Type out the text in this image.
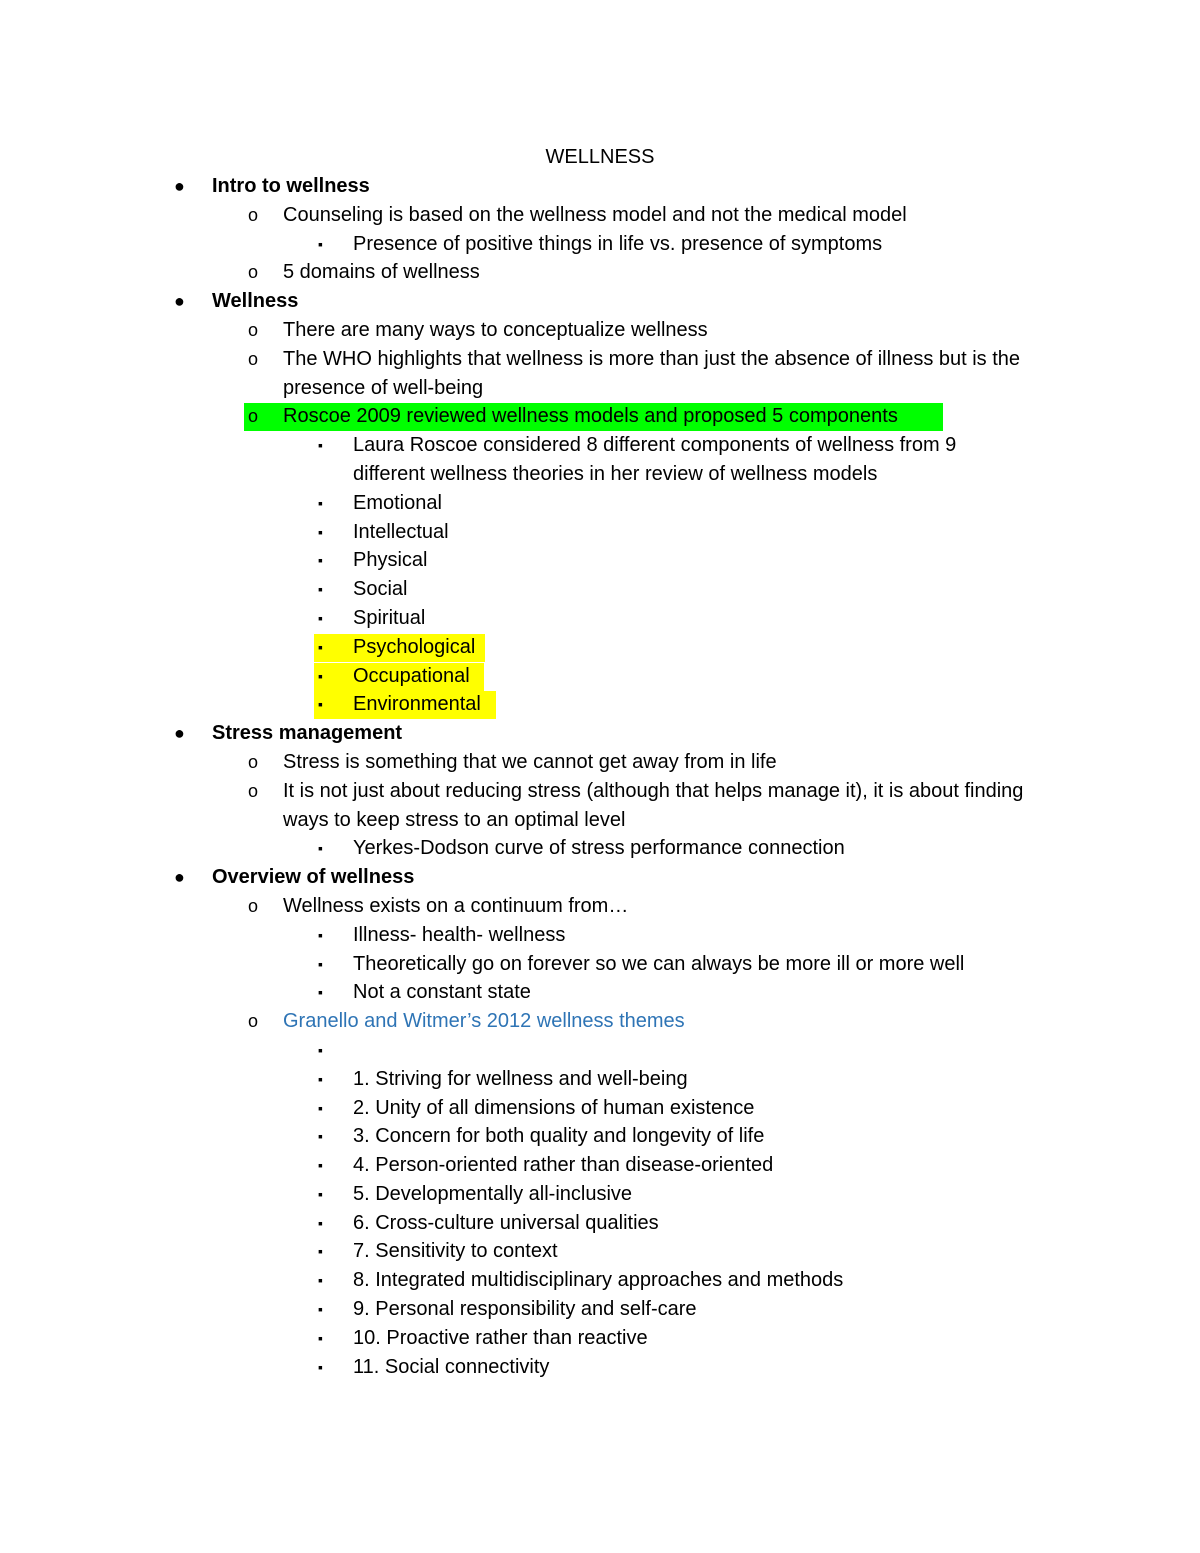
WELLNESS
● Intro to wellness
o Counseling is based on the wellness model and not the medical model
▪ Presence of positive things in life vs. presence of symptoms
o 5 domains of wellness
● Wellness
o There are many ways to conceptualize wellness
o The WHO highlights that wellness is more than just the absence of illness but is the presence of well-being
o Roscoe 2009 reviewed wellness models and proposed 5 components
▪ Laura Roscoe considered 8 different components of wellness from 9 different wellness theories in her review of wellness models
▪ Emotional
▪ Intellectual
▪ Physical
▪ Social
▪ Spiritual
▪ Psychological
▪ Occupational
▪ Environmental
● Stress management
o Stress is something that we cannot get away from in life
o It is not just about reducing stress (although that helps manage it), it is about finding ways to keep stress to an optimal level
▪ Yerkes-Dodson curve of stress performance connection
● Overview of wellness
o Wellness exists on a continuum from…
▪ Illness- health- wellness
▪ Theoretically go on forever so we can always be more ill or more well
▪ Not a constant state
o Granello and Witmer’s 2012 wellness themes
▪
▪ 1. Striving for wellness and well-being
▪ 2. Unity of all dimensions of human existence
▪ 3. Concern for both quality and longevity of life
▪ 4. Person-oriented rather than disease-oriented
▪ 5. Developmentally all-inclusive
▪ 6. Cross-culture universal qualities
▪ 7. Sensitivity to context
▪ 8. Integrated multidisciplinary approaches and methods
▪ 9. Personal responsibility and self-care
▪ 10. Proactive rather than reactive
▪ 11. Social connectivity
